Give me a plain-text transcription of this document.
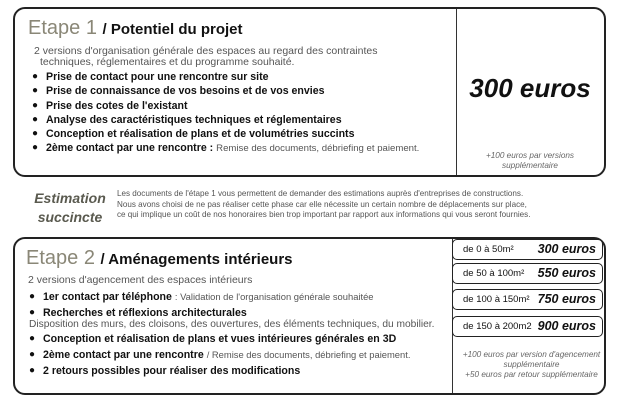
Etape 1 / Potentiel du projet
2 versions d'organisation générale des espaces au regard des contraintes
techniques, réglementaires et du programme souhaité.
● Prise de contact pour une rencontre sur site
● Prise de connaissance de vos besoins et de vos envies
● Prise des cotes de l'existant
● Analyse des caractéristiques techniques et réglementaires
● Conception et réalisation de plans et de volumétries succints
● 2ème contact par une rencontre : Remise des documents, débriefing et paiement.
300 euros
+100 euros par versions
supplémentaire
Estimation
succincte
Les documents de l'étape 1 vous permettent de demander des estimations auprès d'entreprises de constructions.
Nous avons choisi de ne pas réaliser cette phase car elle nécessite un certain nombre de déplacements sur place,
ce qui implique un coût de nos honoraires bien trop important par rapport aux informations qui vous seront fournies.
Etape 2 / Aménagements intérieurs
2 versions d'agencement des espaces intérieurs
● 1er contact par téléphone : Validation de l'organisation générale souhaitée
● Recherches et réflexions architecturales
Disposition des murs, des cloisons, des ouvertures, des éléments techniques, du mobilier.
● Conception et réalisation de plans et vues intérieures générales en 3D
● 2ème contact par une rencontre / Remise des documents, débriefing et paiement.
● 2 retours possibles pour réaliser des modifications
+100 euros par version d'agencement
supplémentaire
+50 euros par retour supplémentaire
de 0 à 50m² 300 euros
de 50 à 100m² 550 euros
de 100 à 150m² 750 euros
de 150 à 200m2 900 euros
